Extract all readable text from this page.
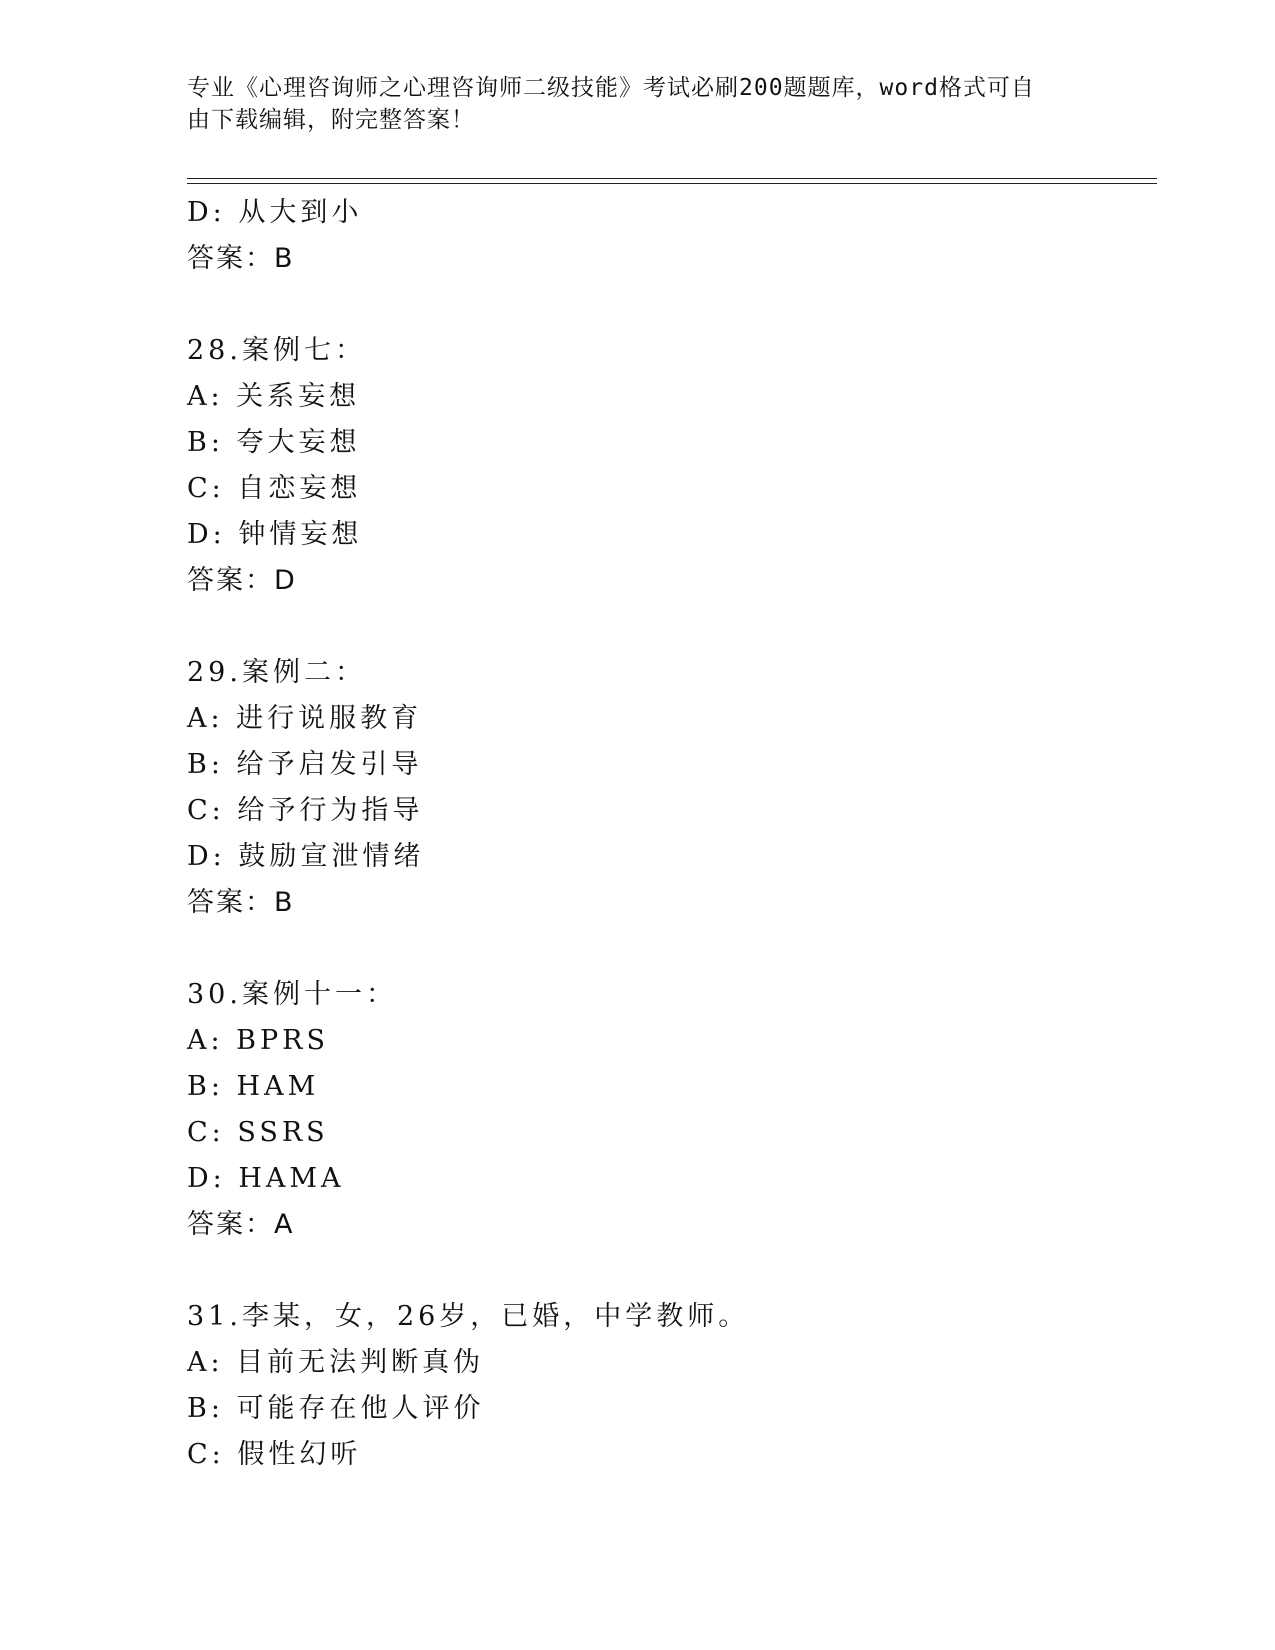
专业《心理咨询师之心理咨询师二级技能》考试必刷200题题库，word格式可自
由下载编辑，附完整答案！
D: 从大到小
答案：B
28.案例七：
A: 关系妄想
B: 夸大妄想
C: 自恋妄想
D: 钟情妄想
答案：D
29.案例二：
A: 进行说服教育
B: 给予启发引导
C: 给予行为指导
D: 鼓励宣泄情绪
答案：B
30.案例十一：
A: BPRS
B: HAM
C: SSRS
D: HAMA
答案：A
31.李某，女，26岁，已婚，中学教师。
A: 目前无法判断真伪
B: 可能存在他人评价
C: 假性幻听
